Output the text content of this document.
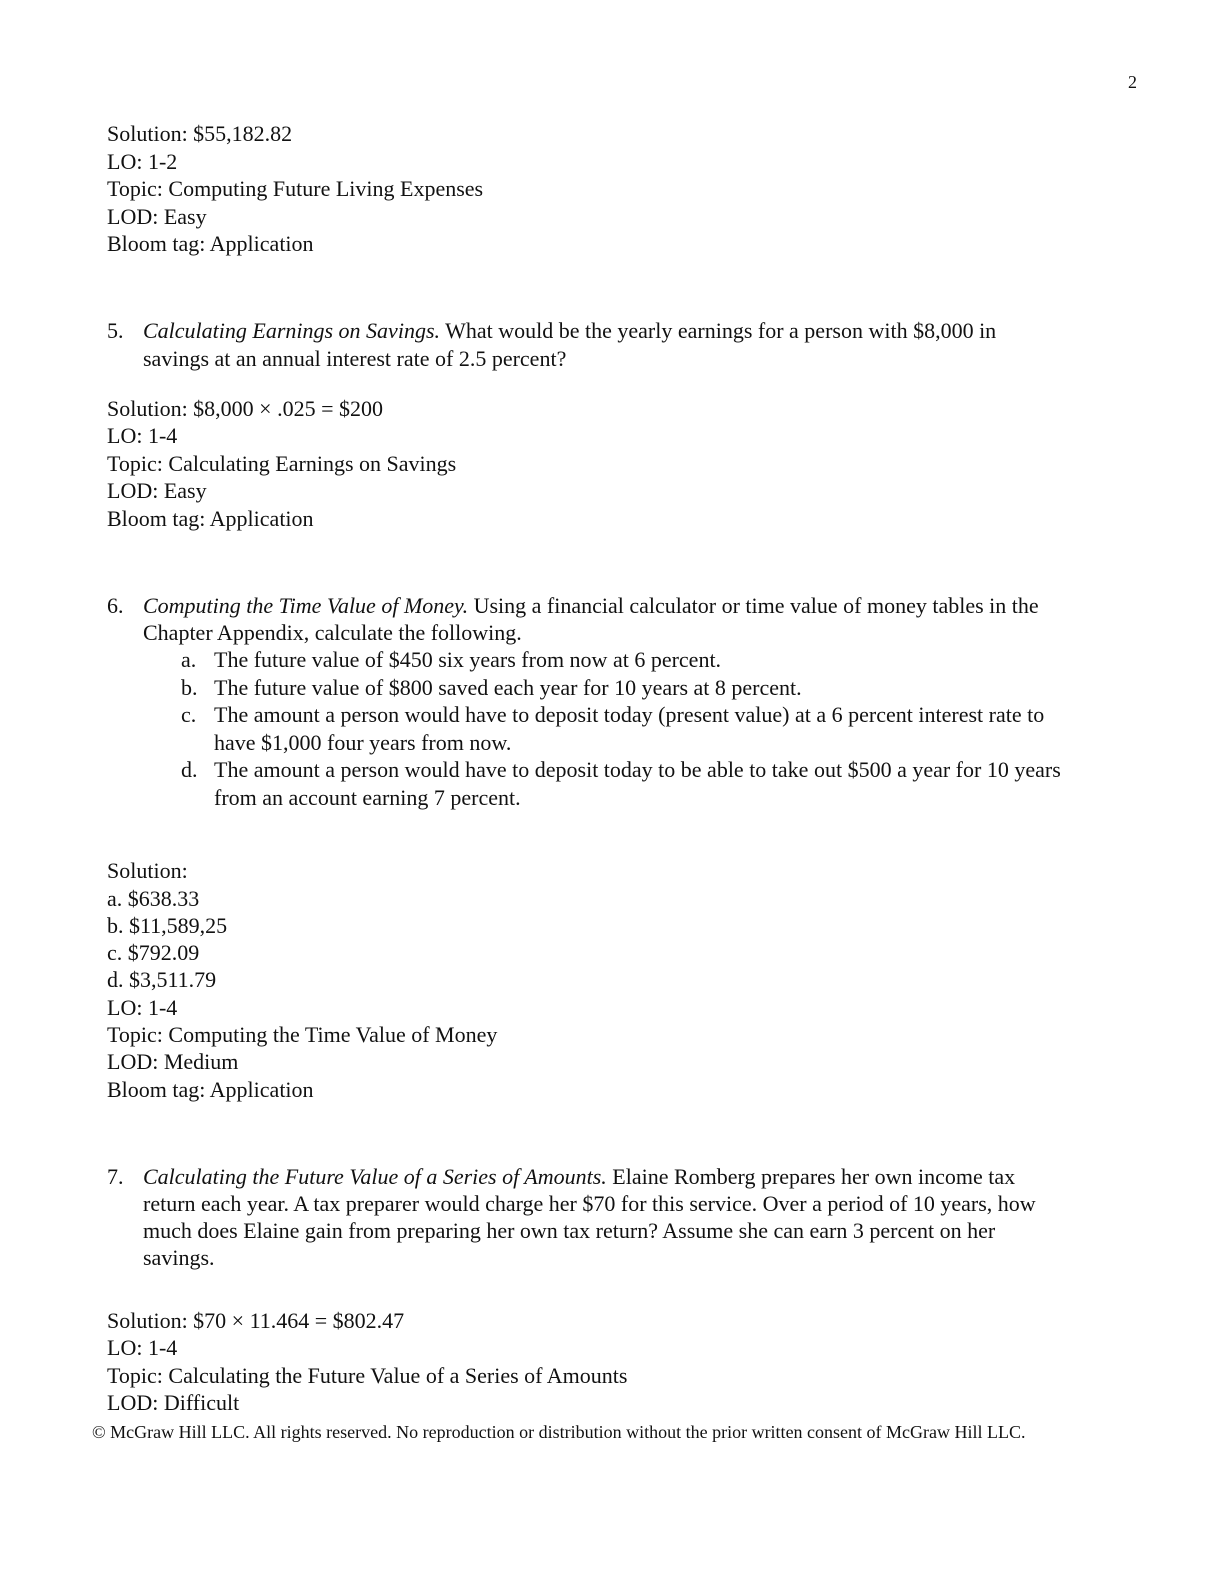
2
Solution: $55,182.82
LO: 1-2
Topic: Computing Future Living Expenses
LOD: Easy
Bloom tag: Application
5. Calculating Earnings on Savings. What would be the yearly earnings for a person with $8,000 in
savings at an annual interest rate of 2.5 percent?
Solution: $8,000 × .025 = $200
LO: 1-4
Topic: Calculating Earnings on Savings
LOD: Easy
Bloom tag: Application
6. Computing the Time Value of Money. Using a financial calculator or time value of money tables in the
Chapter Appendix, calculate the following.
a. The future value of $450 six years from now at 6 percent.
b. The future value of $800 saved each year for 10 years at 8 percent.
c. The amount a person would have to deposit today (present value) at a 6 percent interest rate to
have $1,000 four years from now.
d. The amount a person would have to deposit today to be able to take out $500 a year for 10 years
from an account earning 7 percent.
Solution:
a. $638.33
b. $11,589,25
c. $792.09
d. $3,511.79
LO: 1-4
Topic: Computing the Time Value of Money
LOD: Medium
Bloom tag: Application
7. Calculating the Future Value of a Series of Amounts. Elaine Romberg prepares her own income tax
return each year. A tax preparer would charge her $70 for this service. Over a period of 10 years, how
much does Elaine gain from preparing her own tax return? Assume she can earn 3 percent on her
savings.
Solution: $70 × 11.464 = $802.47
LO: 1-4
Topic: Calculating the Future Value of a Series of Amounts
LOD: Difficult
© McGraw Hill LLC. All rights reserved. No reproduction or distribution without the prior written consent of McGraw Hill LLC.
